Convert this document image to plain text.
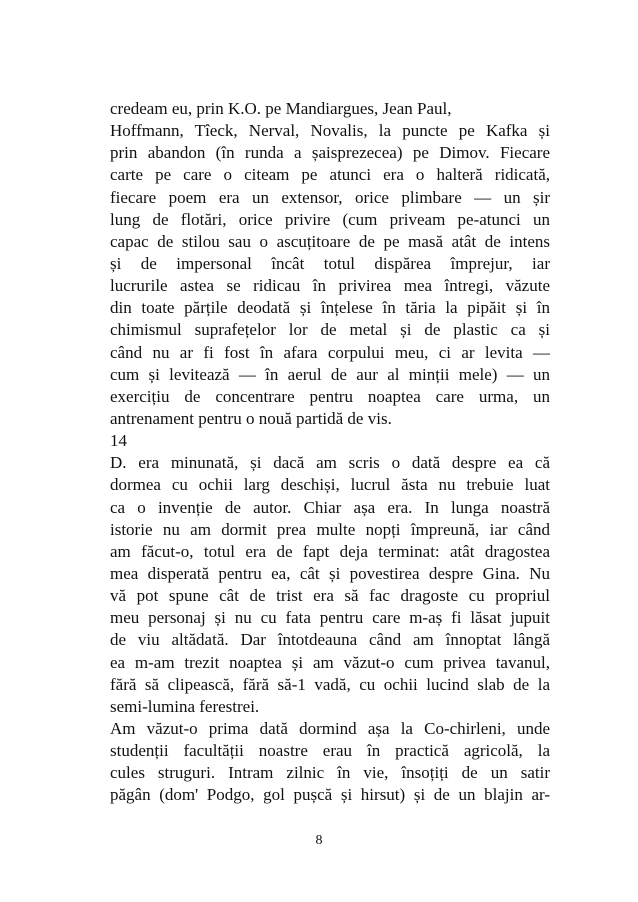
credeam eu, prin K.O. pe Mandiargues, Jean Paul,
Hoffmann, Tîeck, Nerval, Novalis, la puncte pe Kafka și
prin abandon (în runda a șaisprezecea) pe Dimov. Fiecare
carte pe care o citeam pe atunci era o halteră ridicată,
fiecare poem era un extensor, orice plimbare — un șir
lung de flotări, orice privire (cum priveam pe-atunci un
capac de stilou sau o ascuțitoare de pe masă atât de intens
și de impersonal încât totul dispărea împrejur, iar
lucrurile astea se ridicau în privirea mea întregi, văzute
din toate părțile deodată și înțelese în tăria la pipăit și în
chimismul suprafețelor lor de metal și de plastic ca și
când nu ar fi fost în afara corpului meu, ci ar levita —
cum și levitează — în aerul de aur al minții mele) — un
exercițiu de concentrare pentru noaptea care urma, un
antrenament pentru o nouă partidă de vis.
14
D. era minunată, și dacă am scris o dată despre ea că
dormea cu ochii larg deschiși, lucrul ăsta nu trebuie luat
ca o invenție de autor. Chiar așa era. In lunga noastră
istorie nu am dormit prea multe nopți împreună, iar când
am făcut-o, totul era de fapt deja terminat: atât dragostea
mea disperată pentru ea, cât și povestirea despre Gina. Nu
vă pot spune cât de trist era să fac dragoste cu propriul
meu personaj și nu cu fata pentru care m-aș fi lăsat jupuit
de viu altădată. Dar întotdeauna când am înnoptat lângă
ea m-am trezit noaptea și am văzut-o cum privea tavanul,
fără să clipească, fără să-1 vadă, cu ochii lucind slab de la
semi-lumina ferestrei.
Am văzut-o prima dată dormind așa la Co-chirleni, unde
studenții facultății noastre erau în practică agricolă, la
cules struguri. Intram zilnic în vie, însoțiți de un satir
păgân (dom' Podgo, gol pușcă și hirsut) și de un blajin ar-
8
